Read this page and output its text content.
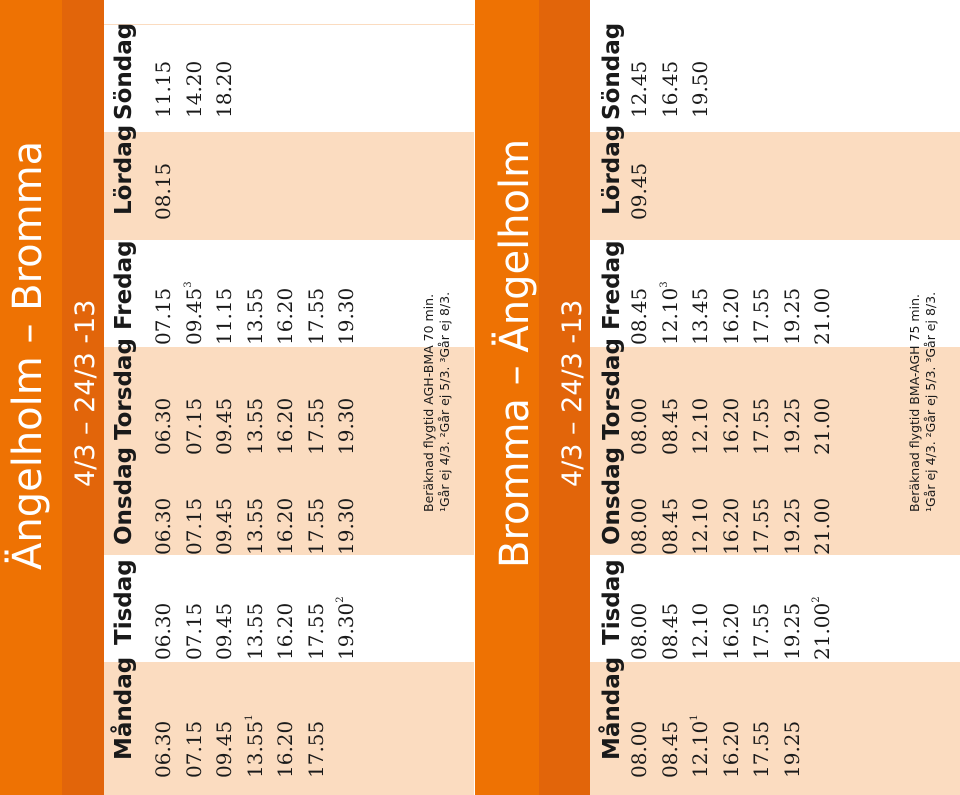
Ängelholm – Bromma 4/3 – 24/3 -13
Måndag 06.30 07.15 09.45 13.55$^1$
16.20 17.55
Tisdag 06.30 07.15 09.45 13.55 16.20 17.55 19.30$^2$
Onsdag 06.30 07.15 09.45 13.55 16.20 17.55 19.30
Torsdag 06.30 07.15 09.45 13.55 16.20 17.55 19.30
Fredag 07.15 09.45$^3$
11.15 13.55 16.20 17.55 19.30
Lördag 08.15
Söndag 11.15 14.20 18.20
Beräknad flygtid AGH-BMA 70 min. ¹Går ej 4/3. ²Går ej 5/3. ³Går ej 8/3. Bromma – Ängelholm 4/3 – 24/3 -13
Måndag 08.00 08.45 12.10$^1$
16.20 17.55 19.25
Tisdag 08.00 08.45 12.10 16.20 17.55 19.25 21.00$^2$
Onsdag 08.00 08.45 12.10 16.20 17.55 19.25 21.00
Torsdag 08.00 08.45 12.10 16.20 17.55 19.25 21.00
Fredag 08.45 12.10$^3$
13.45 16.20 17.55 19.25 21.00
Lördag 09.45
Söndag 12.45 16.45 19.50
Beräknad flygtid BMA-AGH 75 min. ¹Går ej 4/3. ²Går ej 5/3. ³Går ej 8/3.
